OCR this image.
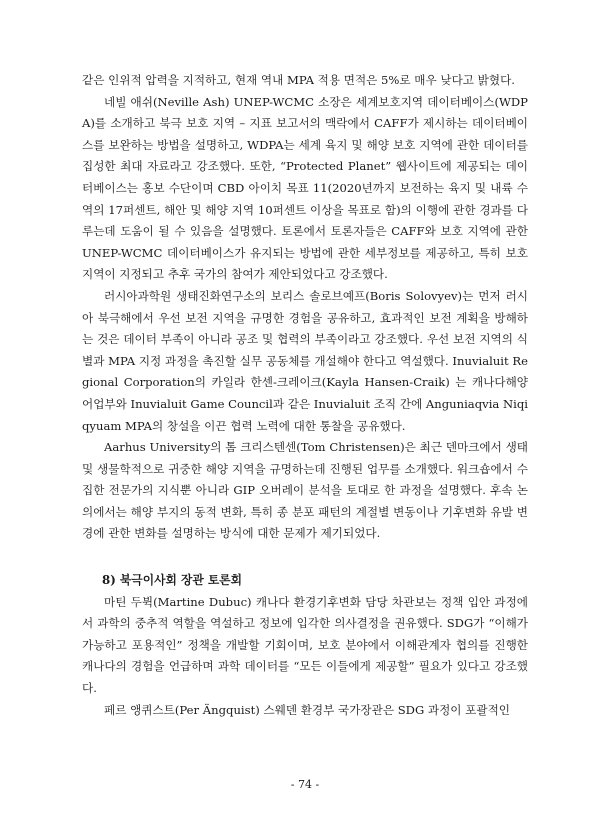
같은 인위적 압력을 지적하고, 현재 역내 MPA 적용 면적은 5%로 매우 낮다고 밝혔다.

네빌 애쉬(Neville Ash) UNEP-WCMC 소장은 세계보호지역 데이터베이스(WDPA)를 소개하고 북극 보호 지역 – 지표 보고서의 맥락에서 CAFF가 제시하는 데이터베이스를 보완하는 방법을 설명하고, WDPA는 세계 육지 및 해양 보호 지역에 관한 데이터를 집성한 최대 자료라고 강조했다. 또한, “Protected Planet” 웹사이트에 제공되는 데이터베이스는 홍보 수단이며 CBD 아이치 목표 11(2020년까지 보전하는 육지 및 내륙 수역의 17퍼센트, 해안 및 해양 지역 10퍼센트 이상을 목표로 함)의 이행에 관한 경과를 다루는데 도움이 될 수 있음을 설명했다. 토론에서 토론자들은 CAFF와 보호 지역에 관한 UNEP-WCMC 데이터베이스가 유지되는 방법에 관한 세부정보를 제공하고, 특히 보호지역이 지정되고 추후 국가의 참여가 제안되었다고 강조했다.

러시아과학원 생태진화연구소의 보리스 솔로브예프(Boris Solovyev)는 먼저 러시아 북극해에서 우선 보전 지역을 규명한 경험을 공유하고, 효과적인 보전 계획을 방해하는 것은 데이터 부족이 아니라 공조 및 협력의 부족이라고 강조했다. 우선 보전 지역의 식별과 MPA 지정 과정을 촉진할 실무 공동체를 개설해야 한다고 역설했다. Inuvialuit Regional Corporation의 카일라 한센-크레이크(Kayla Hansen-Craik) 는 캐나다해양어업부와 Inuvialuit Game Council과 같은 Inuvialuit 조직 간에 Anguniaqvia Niqiqyuam MPA의 창설을 이끈 협력 노력에 대한 통찰을 공유했다.

Aarhus University의 톰 크리스텐센(Tom Christensen)은 최근 덴마크에서 생태 및 생물학적으로 귀중한 해양 지역을 규명하는데 진행된 업무를 소개했다. 워크숍에서 수집한 전문가의 지식뿐 아니라 GIP 오버레이 분석을 토대로 한 과정을 설명했다. 후속 논의에서는 해양 부지의 동적 변화, 특히 종 분포 패턴의 계절별 변동이나 기후변화 유발 변경에 관한 변화를 설명하는 방식에 대한 문제가 제기되었다.

8) 북극이사회 장관 토론회

마틴 두뷕(Martine Dubuc) 캐나다 환경기후변화 담당 차관보는 정책 입안 과정에서 과학의 중추적 역할을 역설하고 정보에 입각한 의사결정을 권유했다. SDG가 “이해가 가능하고 포용적인” 정책을 개발할 기회이며, 보호 분야에서 이해관계자 협의를 진행한 캐나다의 경험을 언급하며 과학 데이터를 “모든 이들에게 제공할” 필요가 있다고 강조했다.

페르 앵퀴스트(Per Ängquist) 스웨덴 환경부 국가장관은 SDG 과정이 포괄적인

- 74 -
